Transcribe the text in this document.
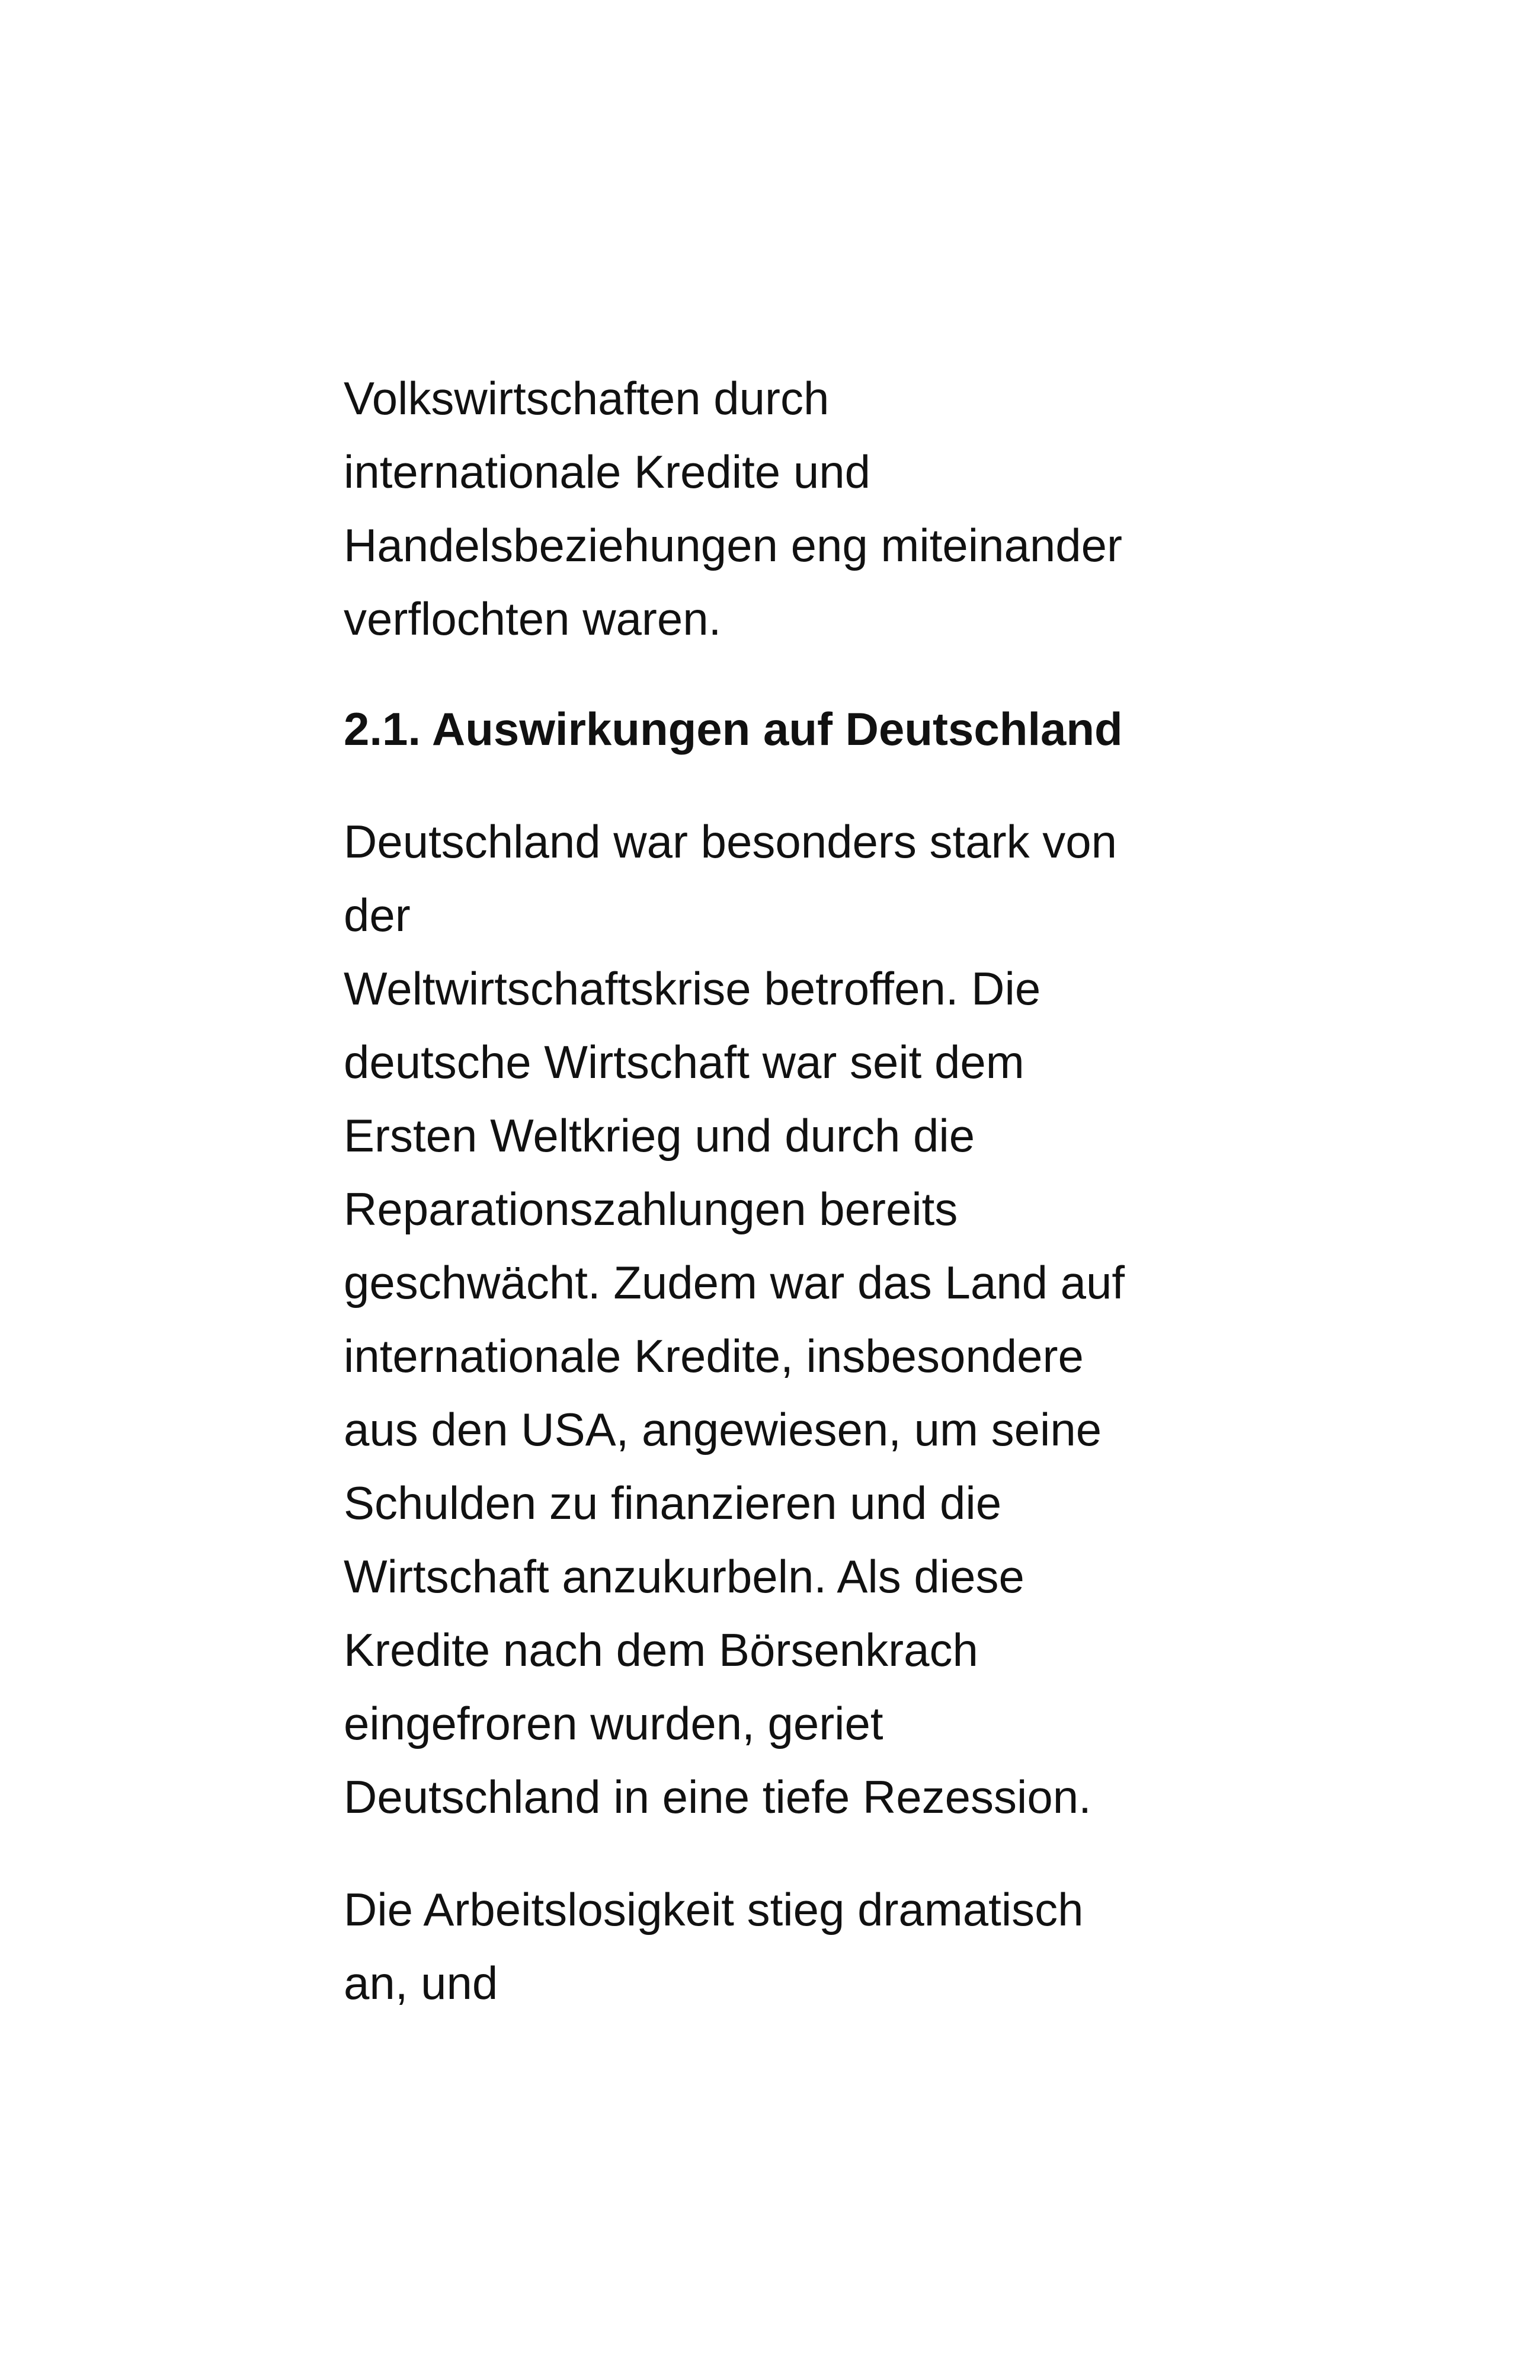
Volkswirtschaften durch
internationale Kredite und
Handelsbeziehungen eng miteinander
verflochten waren.

2.1. Auswirkungen auf Deutschland

Deutschland war besonders stark von
der
Weltwirtschaftskrise betroffen. Die
deutsche Wirtschaft war seit dem
Ersten Weltkrieg und durch die
Reparationszahlungen bereits
geschwächt. Zudem war das Land auf
internationale Kredite, insbesondere
aus den USA, angewiesen, um seine
Schulden zu finanzieren und die
Wirtschaft anzukurbeln. Als diese
Kredite nach dem Börsenkrach
eingefroren wurden, geriet
Deutschland in eine tiefe Rezession.

Die Arbeitslosigkeit stieg dramatisch
an, und
